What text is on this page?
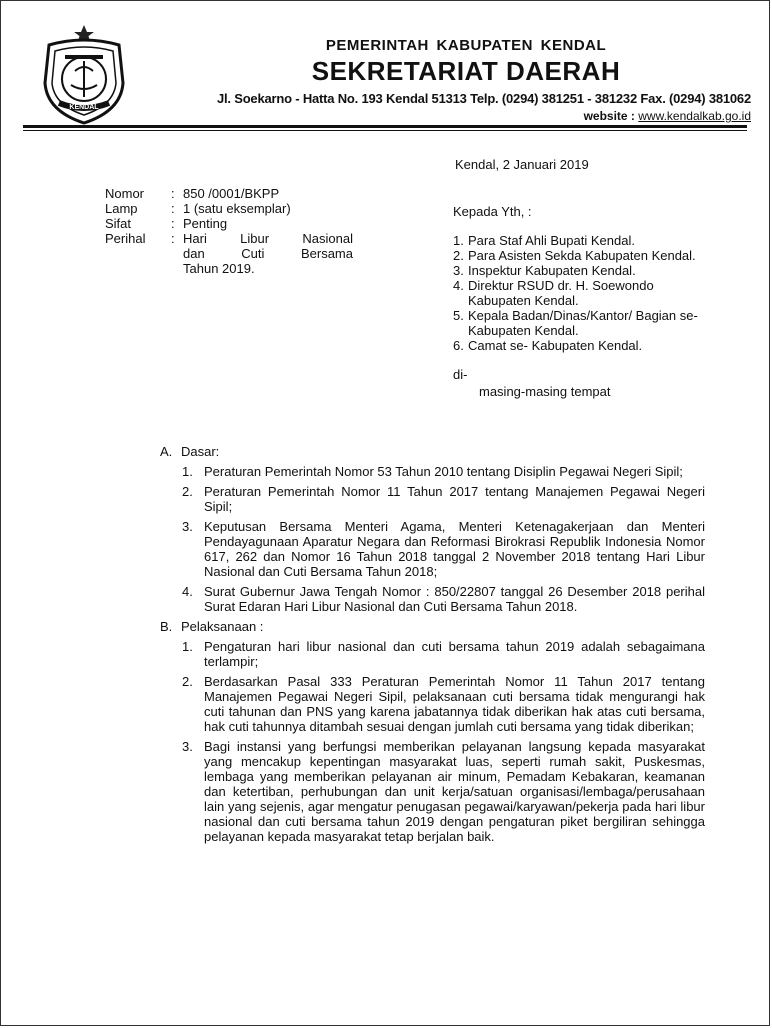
KENDAL
PEMERINTAH KABUPATEN KENDAL
SEKRETARIAT DAERAH
Jl. Soekarno - Hatta No. 193 Kendal 51313 Telp. (0294) 381251 - 381232 Fax. (0294) 381062
website : www.kendalkab.go.id
Kendal, 2 Januari 2019
Nomor	:	850 /0001/BKPP
Lamp	:	1 (satu eksemplar)
Sifat	:	Penting
Perihal	:	Hari Libur Nasional
dan Cuti Bersama
Tahun 2019.
Kepada Yth, :
1. Para Staf Ahli Bupati Kendal.
2. Para Asisten Sekda Kabupaten Kendal.
3. Inspektur Kabupaten Kendal.
4. Direktur RSUD dr. H. Soewondo Kabupaten Kendal.
5. Kepala Badan/Dinas/Kantor/ Bagian se- Kabupaten Kendal.
6. Camat se- Kabupaten Kendal.
di-
masing-masing tempat
A. Dasar:
1. Peraturan Pemerintah Nomor 53 Tahun 2010 tentang Disiplin Pegawai Negeri Sipil;
2. Peraturan Pemerintah Nomor 11 Tahun 2017 tentang Manajemen Pegawai Negeri Sipil;
3. Keputusan Bersama Menteri Agama, Menteri Ketenagakerjaan dan Menteri Pendayagunaan Aparatur Negara dan Reformasi Birokrasi Republik Indonesia Nomor 617, 262 dan Nomor 16 Tahun 2018 tanggal 2 November 2018 tentang Hari Libur Nasional dan Cuti Bersama Tahun 2018;
4. Surat Gubernur Jawa Tengah Nomor : 850/22807 tanggal 26 Desember 2018 perihal Surat Edaran Hari Libur Nasional dan Cuti Bersama Tahun 2018.
B. Pelaksanaan :
1. Pengaturan hari libur nasional dan cuti bersama tahun 2019 adalah sebagaimana terlampir;
2. Berdasarkan Pasal 333 Peraturan Pemerintah Nomor 11 Tahun 2017 tentang Manajemen Pegawai Negeri Sipil, pelaksanaan cuti bersama tidak mengurangi hak cuti tahunan dan PNS yang karena jabatannya tidak diberikan hak atas cuti bersama, hak cuti tahunnya ditambah sesuai dengan jumlah cuti bersama yang tidak diberikan;
3. Bagi instansi yang berfungsi memberikan pelayanan langsung kepada masyarakat yang mencakup kepentingan masyarakat luas, seperti rumah sakit, Puskesmas, lembaga yang memberikan pelayanan air minum, Pemadam Kebakaran, keamanan dan ketertiban, perhubungan dan unit kerja/satuan organisasi/lembaga/perusahaan lain yang sejenis, agar mengatur penugasan pegawai/karyawan/pekerja pada hari libur nasional dan cuti bersama tahun 2019 dengan pengaturan piket bergiliran sehingga pelayanan kepada masyarakat tetap berjalan baik.
